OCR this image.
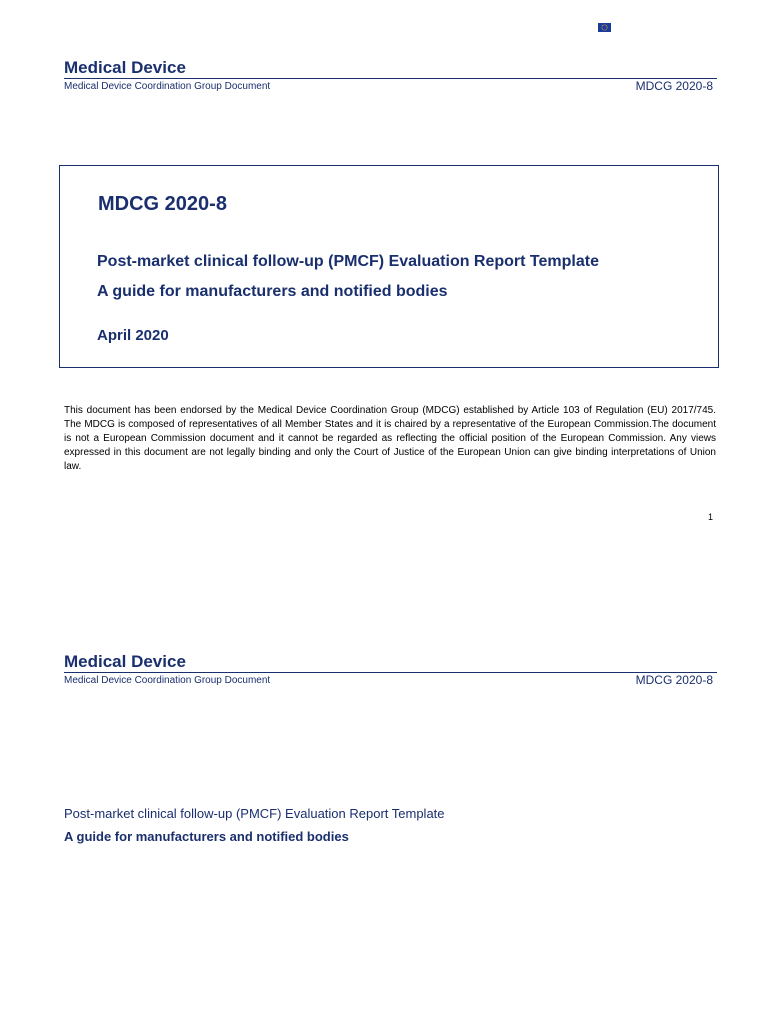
Medical Device
Medical Device Coordination Group Document	MDCG 2020-8
MDCG 2020-8
Post-market clinical follow-up (PMCF) Evaluation Report Template
A guide for manufacturers and notified bodies
April 2020
This document has been endorsed by the Medical Device Coordination Group (MDCG) established by Article 103 of Regulation (EU) 2017/745. The MDCG is composed of representatives of all Member States and it is chaired by a representative of the European Commission.The document is not a European Commission document and it cannot be regarded as reflecting the official position of the European Commission. Any views expressed in this document are not legally binding and only the Court of Justice of the European Union can give binding interpretations of Union law.
1
Medical Device
Medical Device Coordination Group Document	MDCG 2020-8
Post-market clinical follow-up (PMCF) Evaluation Report Template
A guide for manufacturers and notified bodies
